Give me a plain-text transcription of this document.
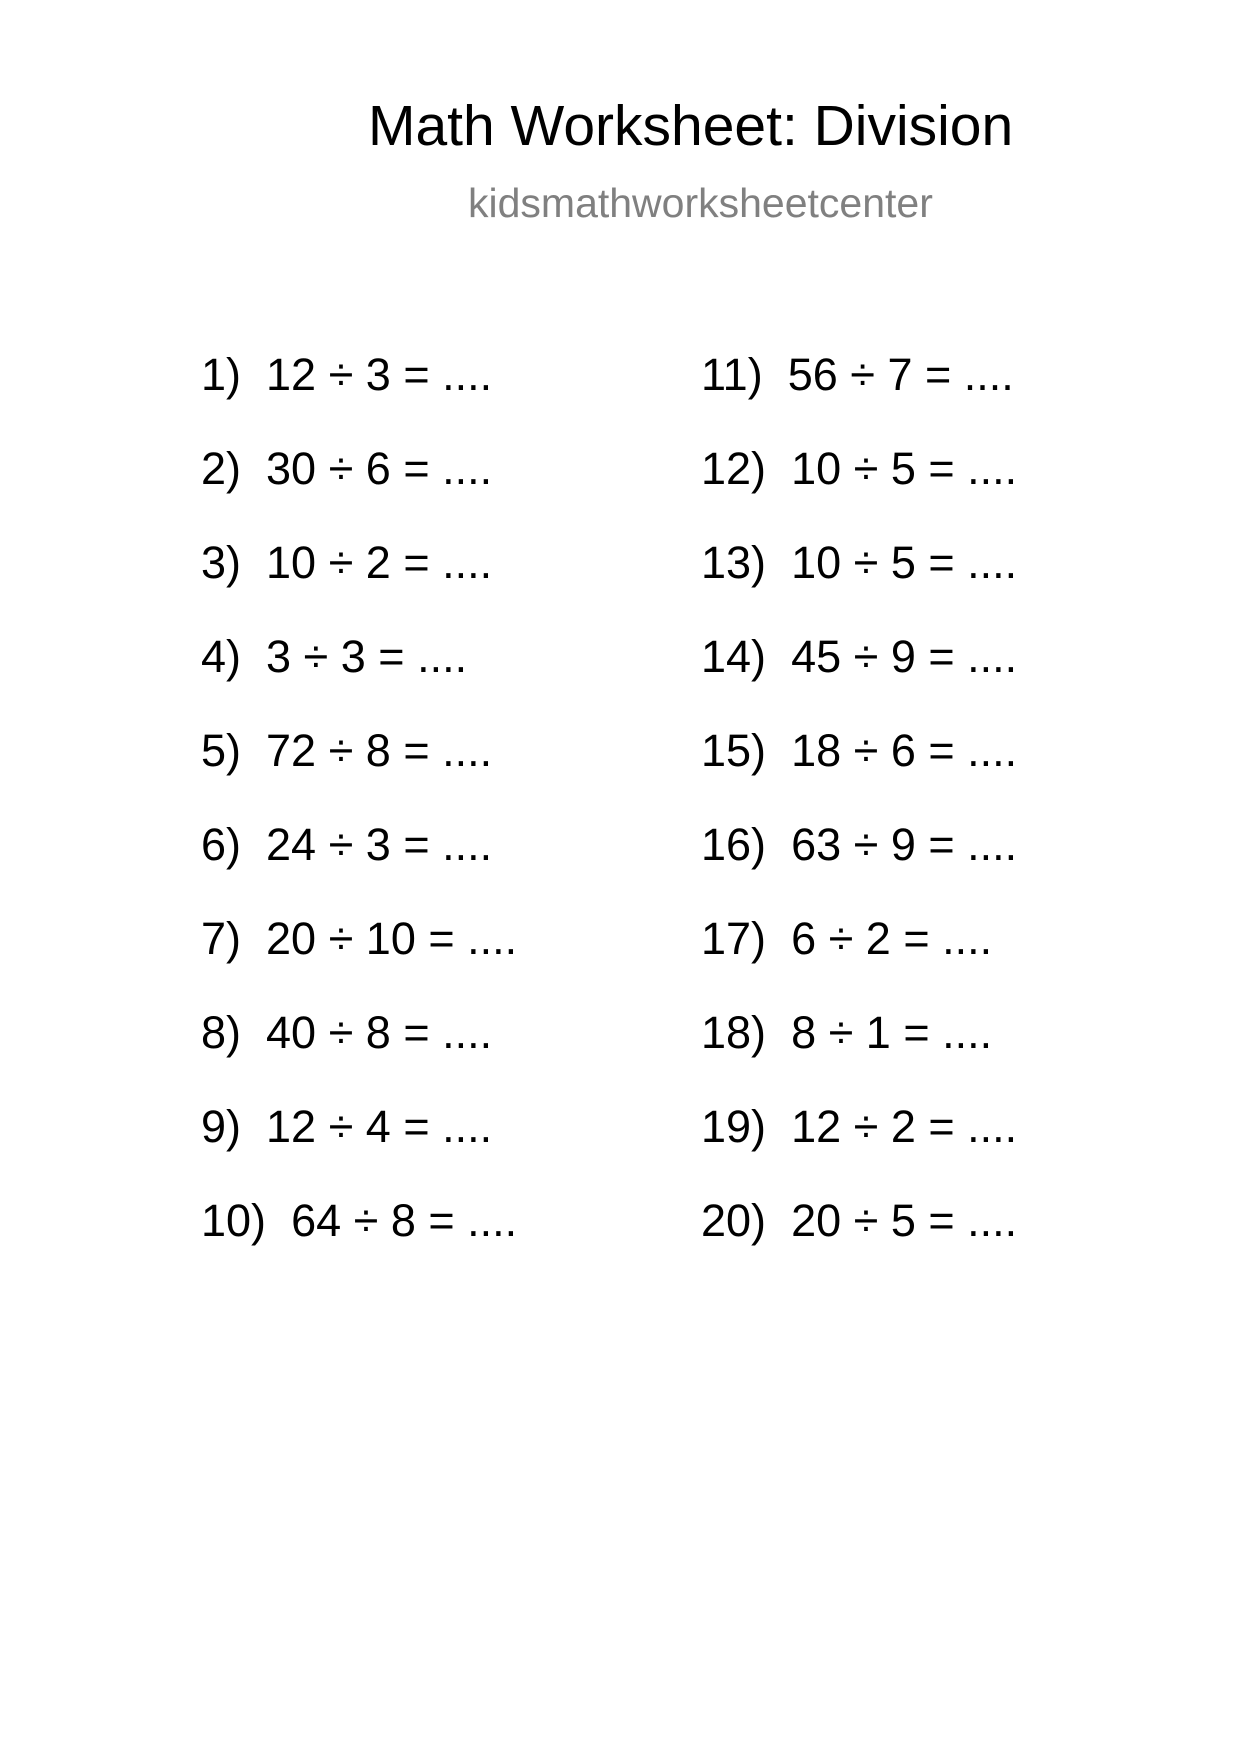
Math Worksheet: Division
kidsmathworksheetcenter
1) 12 ÷ 3 = ....
2) 30 ÷ 6 = ....
3) 10 ÷ 2 = ....
4) 3 ÷ 3 = ....
5) 72 ÷ 8 = ....
6) 24 ÷ 3 = ....
7) 20 ÷ 10 = ....
8) 40 ÷ 8 = ....
9) 12 ÷ 4 = ....
10) 64 ÷ 8 = ....
11) 56 ÷ 7 = ....
12) 10 ÷ 5 = ....
13) 10 ÷ 5 = ....
14) 45 ÷ 9 = ....
15) 18 ÷ 6 = ....
16) 63 ÷ 9 = ....
17) 6 ÷ 2 = ....
18) 8 ÷ 1 = ....
19) 12 ÷ 2 = ....
20) 20 ÷ 5 = ....
